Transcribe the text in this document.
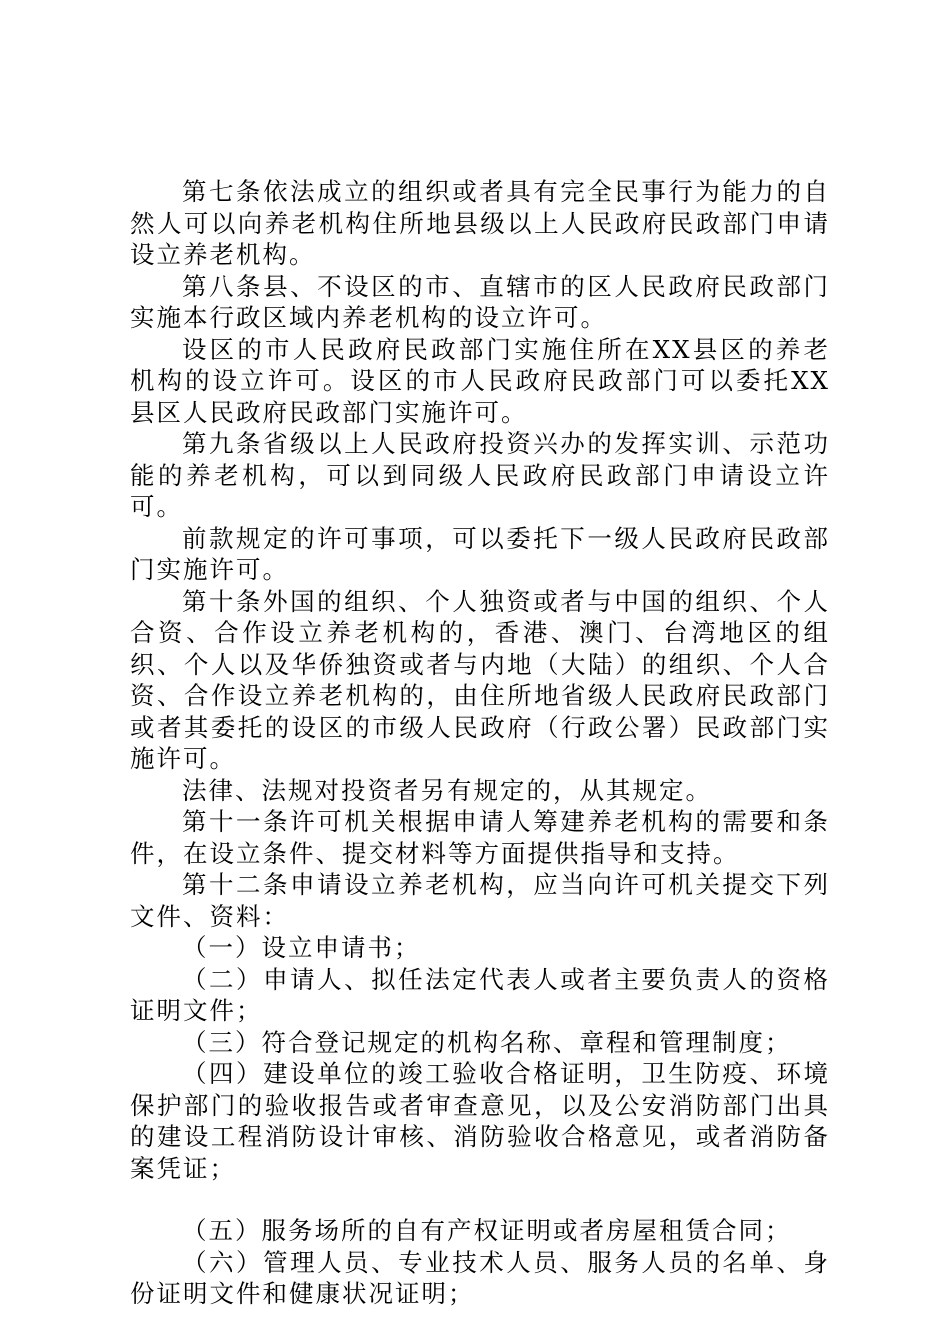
第七条依法成立的组织或者具有完全民事行为能力的自然人可以向养老机构住所地县级以上人民政府民政部门申请设立养老机构。

第八条县、不设区的市、直辖市的区人民政府民政部门实施本行政区域内养老机构的设立许可。

设区的市人民政府民政部门实施住所在XX县区的养老机构的设立许可。设区的市人民政府民政部门可以委托XX县区人民政府民政部门实施许可。

第九条省级以上人民政府投资兴办的发挥实训、示范功能的养老机构，可以到同级人民政府民政部门申请设立许可。

前款规定的许可事项，可以委托下一级人民政府民政部门实施许可。

第十条外国的组织、个人独资或者与中国的组织、个人合资、合作设立养老机构的，香港、澳门、台湾地区的组织、个人以及华侨独资或者与内地（大陆）的组织、个人合资、合作设立养老机构的，由住所地省级人民政府民政部门或者其委托的设区的市级人民政府（行政公署）民政部门实施许可。

法律、法规对投资者另有规定的，从其规定。

第十一条许可机关根据申请人筹建养老机构的需要和条件，在设立条件、提交材料等方面提供指导和支持。

第十二条申请设立养老机构，应当向许可机关提交下列文件、资料：

（一）设立申请书；

（二）申请人、拟任法定代表人或者主要负责人的资格证明文件；

（三）符合登记规定的机构名称、章程和管理制度；

（四）建设单位的竣工验收合格证明，卫生防疫、环境保护部门的验收报告或者审查意见，以及公安消防部门出具的建设工程消防设计审核、消防验收合格意见，或者消防备案凭证；

（五）服务场所的自有产权证明或者房屋租赁合同；

（六）管理人员、专业技术人员、服务人员的名单、身份证明文件和健康状况证明；
